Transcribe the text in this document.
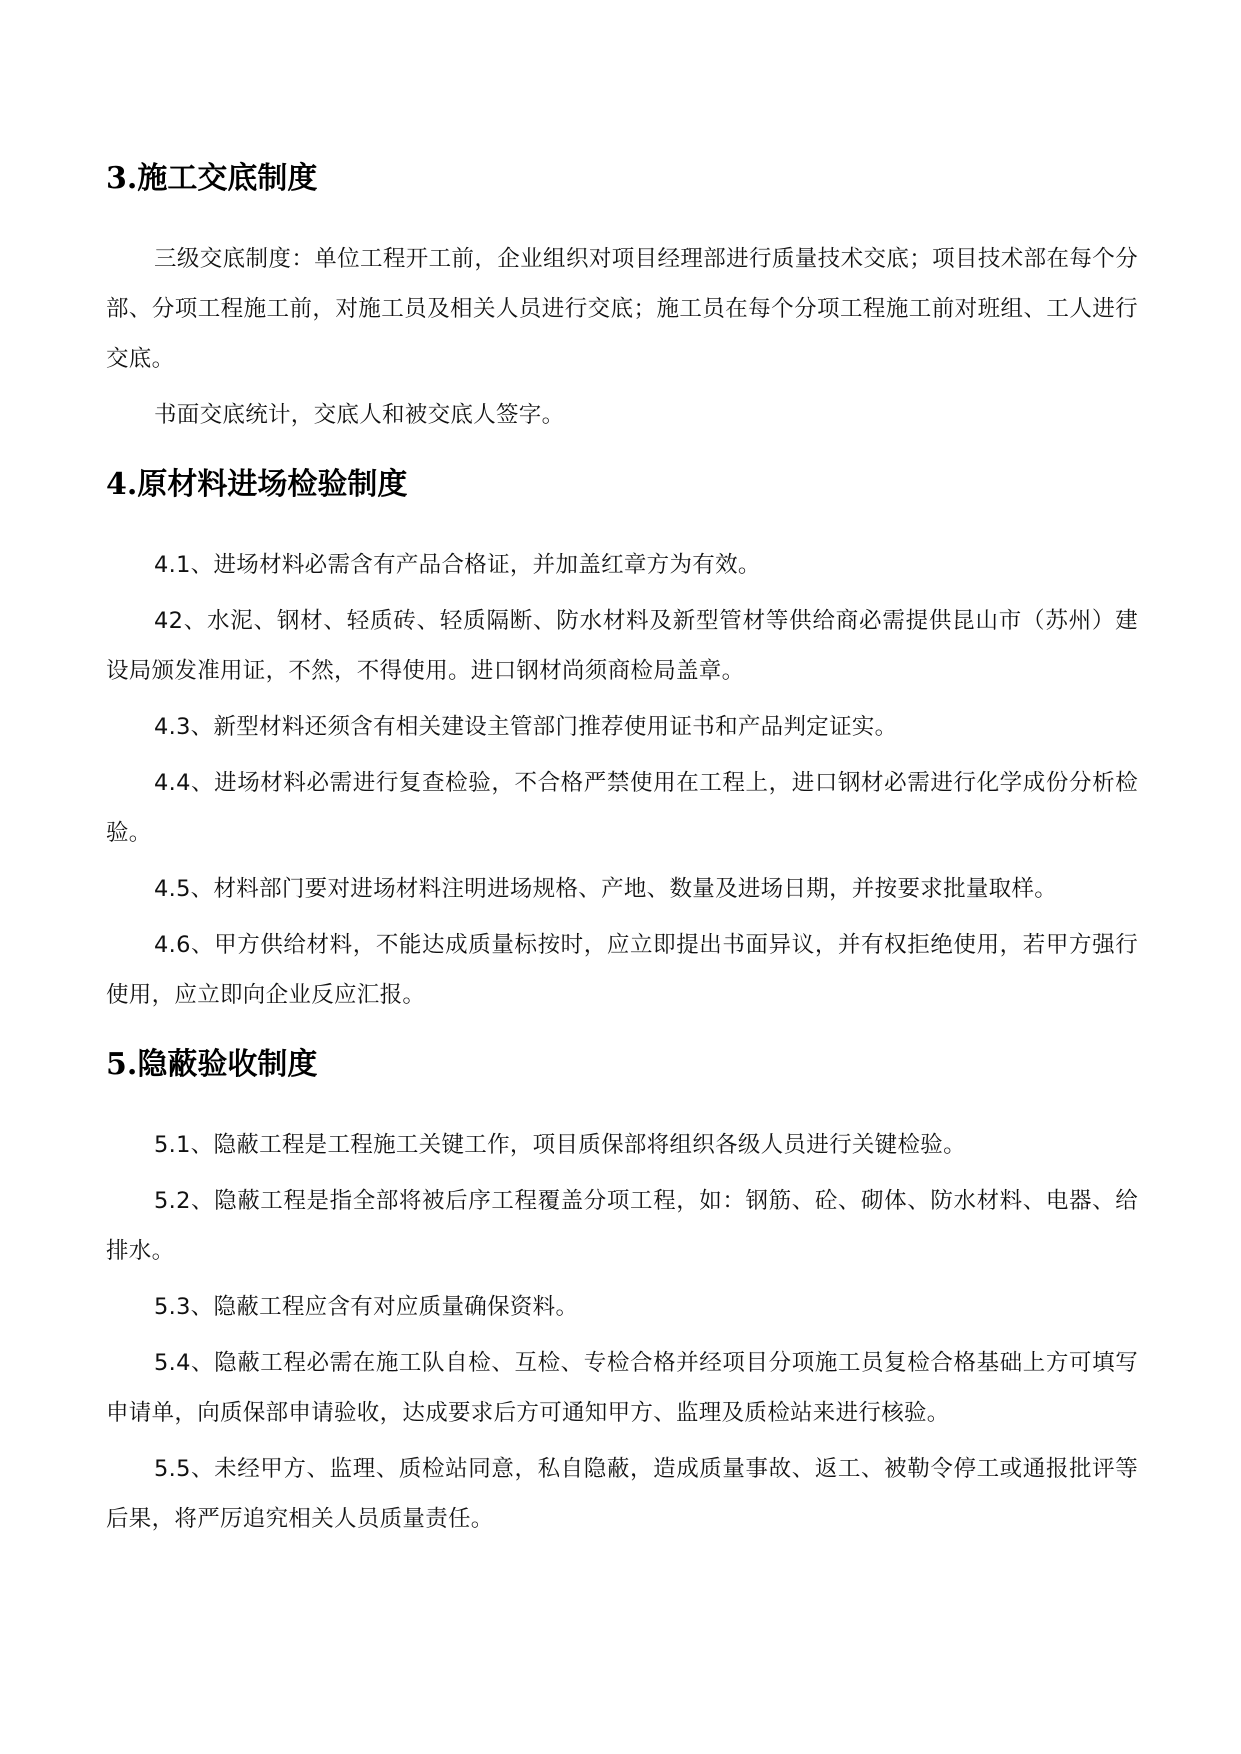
3.施工交底制度

三级交底制度：单位工程开工前，企业组织对项目经理部进行质量技术交底；项目技术部在每个分部、分项工程施工前，对施工员及相关人员进行交底；施工员在每个分项工程施工前对班组、工人进行交底。

书面交底统计，交底人和被交底人签字。

4.原材料进场检验制度

4.1、进场材料必需含有产品合格证，并加盖红章方为有效。

42、水泥、钢材、轻质砖、轻质隔断、防水材料及新型管材等供给商必需提供昆山市（苏州）建设局颁发准用证，不然，不得使用。进口钢材尚须商检局盖章。

4.3、新型材料还须含有相关建设主管部门推荐使用证书和产品判定证实。

4.4、进场材料必需进行复查检验，不合格严禁使用在工程上，进口钢材必需进行化学成份分析检验。

4.5、材料部门要对进场材料注明进场规格、产地、数量及进场日期，并按要求批量取样。

4.6、甲方供给材料，不能达成质量标按时，应立即提出书面异议，并有权拒绝使用，若甲方强行使用，应立即向企业反应汇报。

5.隐蔽验收制度

5.1、隐蔽工程是工程施工关键工作，项目质保部将组织各级人员进行关键检验。

5.2、隐蔽工程是指全部将被后序工程覆盖分项工程，如：钢筋、砼、砌体、防水材料、电器、给排水。

5.3、隐蔽工程应含有对应质量确保资料。

5.4、隐蔽工程必需在施工队自检、互检、专检合格并经项目分项施工员复检合格基础上方可填写申请单，向质保部申请验收，达成要求后方可通知甲方、监理及质检站来进行核验。

5.5、未经甲方、监理、质检站同意，私自隐蔽，造成质量事故、返工、被勒令停工或通报批评等后果，将严厉追究相关人员质量责任。
